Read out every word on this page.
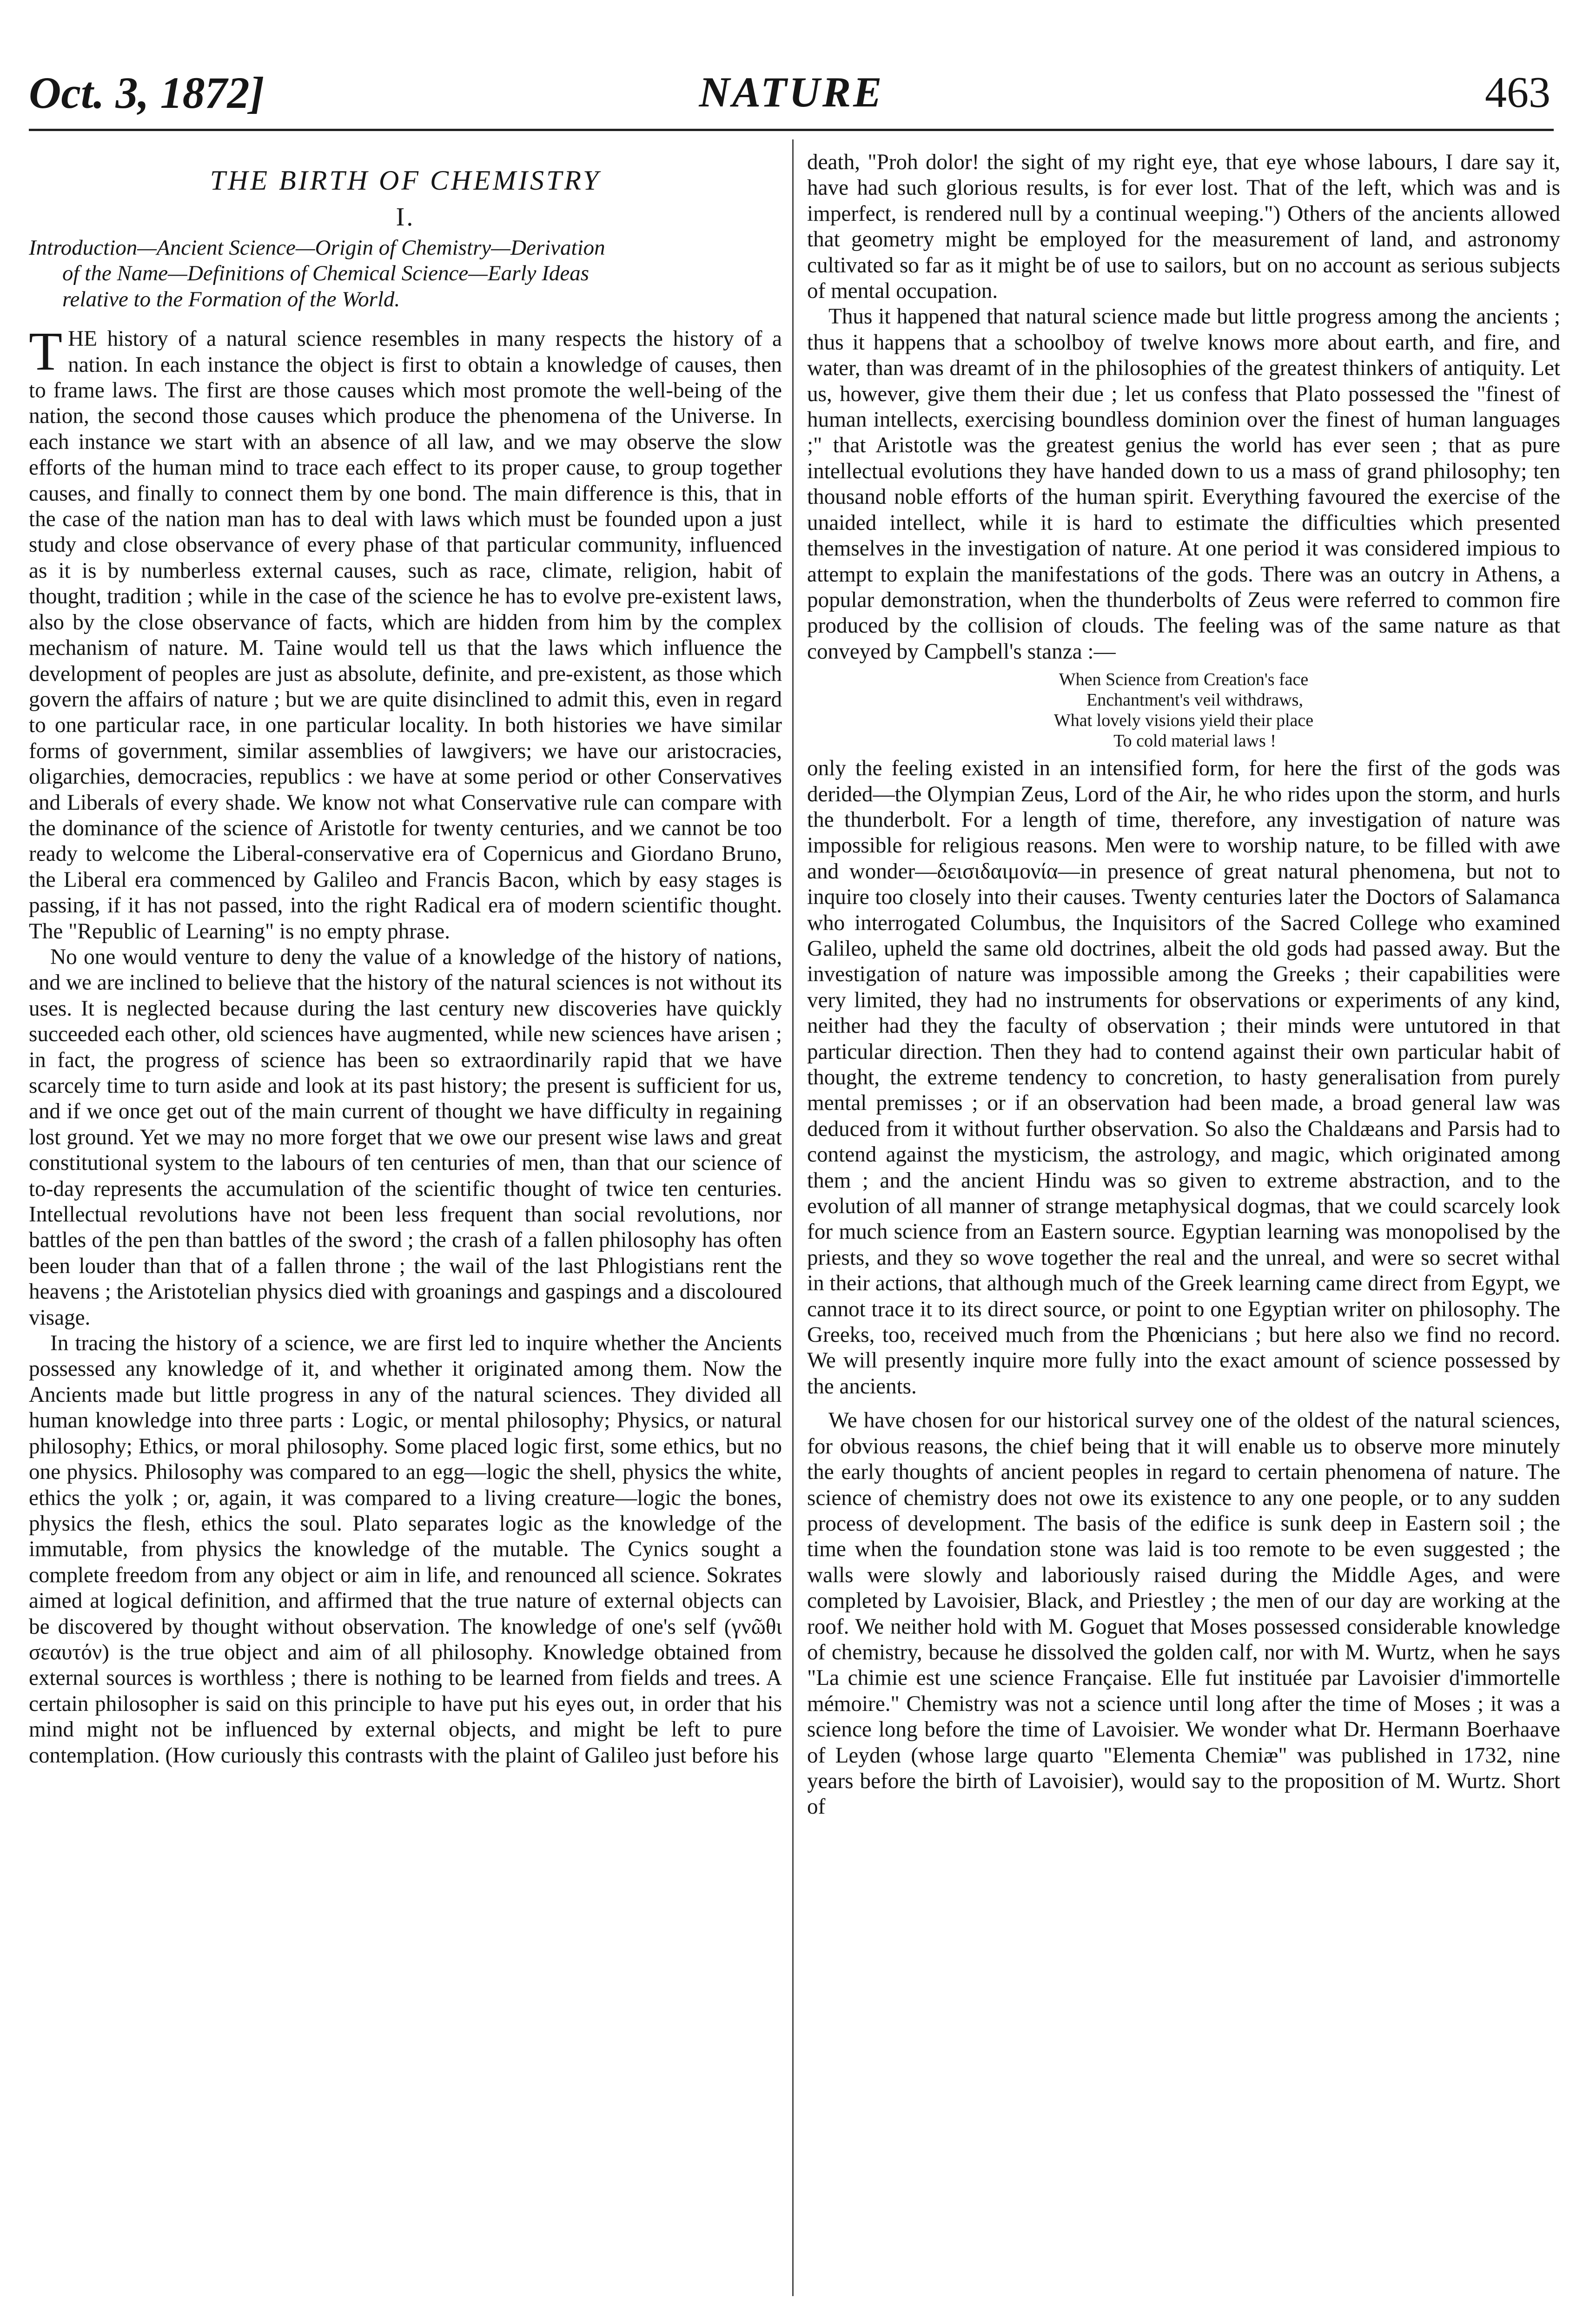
Oct. 3, 1872]	NATURE	463

THE BIRTH OF CHEMISTRY

I.

Introduction—Ancient Science—Origin of Chemistry—Derivation
of the Name—Definitions of Chemical Science—Early Ideas
relative to the Formation of the World.

THE history of a natural science resembles in many respects the history of a nation. In each instance the object is first to obtain a knowledge of causes, then to frame laws. The first are those causes which most promote the well-being of the nation, the second those causes which produce the phenomena of the Universe. In each instance we start with an absence of all law, and we may observe the slow efforts of the human mind to trace each effect to its proper cause, to group together causes, and finally to connect them by one bond. The main difference is this, that in the case of the nation man has to deal with laws which must be founded upon a just study and close observance of every phase of that particular community, influenced as it is by numberless external causes, such as race, climate, religion, habit of thought, tradition ; while in the case of the science he has to evolve pre-existent laws, also by the close observance of facts, which are hidden from him by the complex mechanism of nature. M. Taine would tell us that the laws which influence the development of peoples are just as absolute, definite, and pre-existent, as those which govern the affairs of nature ; but we are quite disinclined to admit this, even in regard to one particular race, in one particular locality. In both histories we have similar forms of government, similar assemblies of lawgivers; we have our aristocracies, oligarchies, democracies, republics : we have at some period or other Conservatives and Liberals of every shade. We know not what Conservative rule can compare with the dominance of the science of Aristotle for twenty centuries, and we cannot be too ready to welcome the Liberal-conservative era of Copernicus and Giordano Bruno, the Liberal era commenced by Galileo and Francis Bacon, which by easy stages is passing, if it has not passed, into the right Radical era of modern scientific thought. The "Republic of Learning" is no empty phrase.

No one would venture to deny the value of a knowledge of the history of nations, and we are inclined to believe that the history of the natural sciences is not without its uses. It is neglected because during the last century new discoveries have quickly succeeded each other, old sciences have augmented, while new sciences have arisen ; in fact, the progress of science has been so extraordinarily rapid that we have scarcely time to turn aside and look at its past history; the present is sufficient for us, and if we once get out of the main current of thought we have difficulty in regaining lost ground. Yet we may no more forget that we owe our present wise laws and great constitutional system to the labours of ten centuries of men, than that our science of to-day represents the accumulation of the scientific thought of twice ten centuries. Intellectual revolutions have not been less frequent than social revolutions, nor battles of the pen than battles of the sword ; the crash of a fallen philosophy has often been louder than that of a fallen throne ; the wail of the last Phlogistians rent the heavens ; the Aristotelian physics died with groanings and gaspings and a discoloured visage.

In tracing the history of a science, we are first led to inquire whether the Ancients possessed any knowledge of it, and whether it originated among them. Now the Ancients made but little progress in any of the natural sciences. They divided all human knowledge into three parts : Logic, or mental philosophy; Physics, or natural philosophy; Ethics, or moral philosophy. Some placed logic first, some ethics, but no one physics. Philosophy was compared to an egg—logic the shell, physics the white, ethics the yolk ; or, again, it was compared to a living creature—logic the bones, physics the flesh, ethics the soul. Plato separates logic as the knowledge of the immutable, from physics the knowledge of the mutable. The Cynics sought a complete freedom from any object or aim in life, and renounced all science. Sokrates aimed at logical definition, and affirmed that the true nature of external objects can be discovered by thought without observation. The knowledge of one's self (γνῶθι σεαυτόν) is the true object and aim of all philosophy. Knowledge obtained from external sources is worthless ; there is nothing to be learned from fields and trees. A certain philosopher is said on this principle to have put his eyes out, in order that his mind might not be influenced by external objects, and might be left to pure contemplation. (How curiously this contrasts with the plaint of Galileo just before his

death, "Proh dolor! the sight of my right eye, that eye whose labours, I dare say it, have had such glorious results, is for ever lost. That of the left, which was and is imperfect, is rendered null by a continual weeping.") Others of the ancients allowed that geometry might be employed for the measurement of land, and astronomy cultivated so far as it might be of use to sailors, but on no account as serious subjects of mental occupation.

Thus it happened that natural science made but little progress among the ancients ; thus it happens that a schoolboy of twelve knows more about earth, and fire, and water, than was dreamt of in the philosophies of the greatest thinkers of antiquity. Let us, however, give them their due ; let us confess that Plato possessed the "finest of human intellects, exercising boundless dominion over the finest of human languages ;" that Aristotle was the greatest genius the world has ever seen ; that as pure intellectual evolutions they have handed down to us a mass of grand philosophy; ten thousand noble efforts of the human spirit. Everything favoured the exercise of the unaided intellect, while it is hard to estimate the difficulties which presented themselves in the investigation of nature. At one period it was considered impious to attempt to explain the manifestations of the gods. There was an outcry in Athens, a popular demonstration, when the thunderbolts of Zeus were referred to common fire produced by the collision of clouds. The feeling was of the same nature as that conveyed by Campbell's stanza :—

When Science from Creation's face
Enchantment's veil withdraws,
What lovely visions yield their place
To cold material laws !

only the feeling existed in an intensified form, for here the first of the gods was derided—the Olympian Zeus, Lord of the Air, he who rides upon the storm, and hurls the thunderbolt. For a length of time, therefore, any investigation of nature was impossible for religious reasons. Men were to worship nature, to be filled with awe and wonder—δεισιδαιμονία—in presence of great natural phenomena, but not to inquire too closely into their causes. Twenty centuries later the Doctors of Salamanca who interrogated Columbus, the Inquisitors of the Sacred College who examined Galileo, upheld the same old doctrines, albeit the old gods had passed away. But the investigation of nature was impossible among the Greeks ; their capabilities were very limited, they had no instruments for observations or experiments of any kind, neither had they the faculty of observation ; their minds were untutored in that particular direction. Then they had to contend against their own particular habit of thought, the extreme tendency to concretion, to hasty generalisation from purely mental premisses ; or if an observation had been made, a broad general law was deduced from it without further observation. So also the Chaldæans and Parsis had to contend against the mysticism, the astrology, and magic, which originated among them ; and the ancient Hindu was so given to extreme abstraction, and to the evolution of all manner of strange metaphysical dogmas, that we could scarcely look for much science from an Eastern source. Egyptian learning was monopolised by the priests, and they so wove together the real and the unreal, and were so secret withal in their actions, that although much of the Greek learning came direct from Egypt, we cannot trace it to its direct source, or point to one Egyptian writer on philosophy. The Greeks, too, received much from the Phœnicians ; but here also we find no record. We will presently inquire more fully into the exact amount of science possessed by the ancients.

We have chosen for our historical survey one of the oldest of the natural sciences, for obvious reasons, the chief being that it will enable us to observe more minutely the early thoughts of ancient peoples in regard to certain phenomena of nature. The science of chemistry does not owe its existence to any one people, or to any sudden process of development. The basis of the edifice is sunk deep in Eastern soil ; the time when the foundation stone was laid is too remote to be even suggested ; the walls were slowly and laboriously raised during the Middle Ages, and were completed by Lavoisier, Black, and Priestley ; the men of our day are working at the roof. We neither hold with M. Goguet that Moses possessed considerable knowledge of chemistry, because he dissolved the golden calf, nor with M. Wurtz, when he says "La chimie est une science Française. Elle fut instituée par Lavoisier d'immortelle mémoire." Chemistry was not a science until long after the time of Moses ; it was a science long before the time of Lavoisier. We wonder what Dr. Hermann Boerhaave of Leyden (whose large quarto "Elementa Chemiæ" was published in 1732, nine years before the birth of Lavoisier), would say to the proposition of M. Wurtz. Short of
